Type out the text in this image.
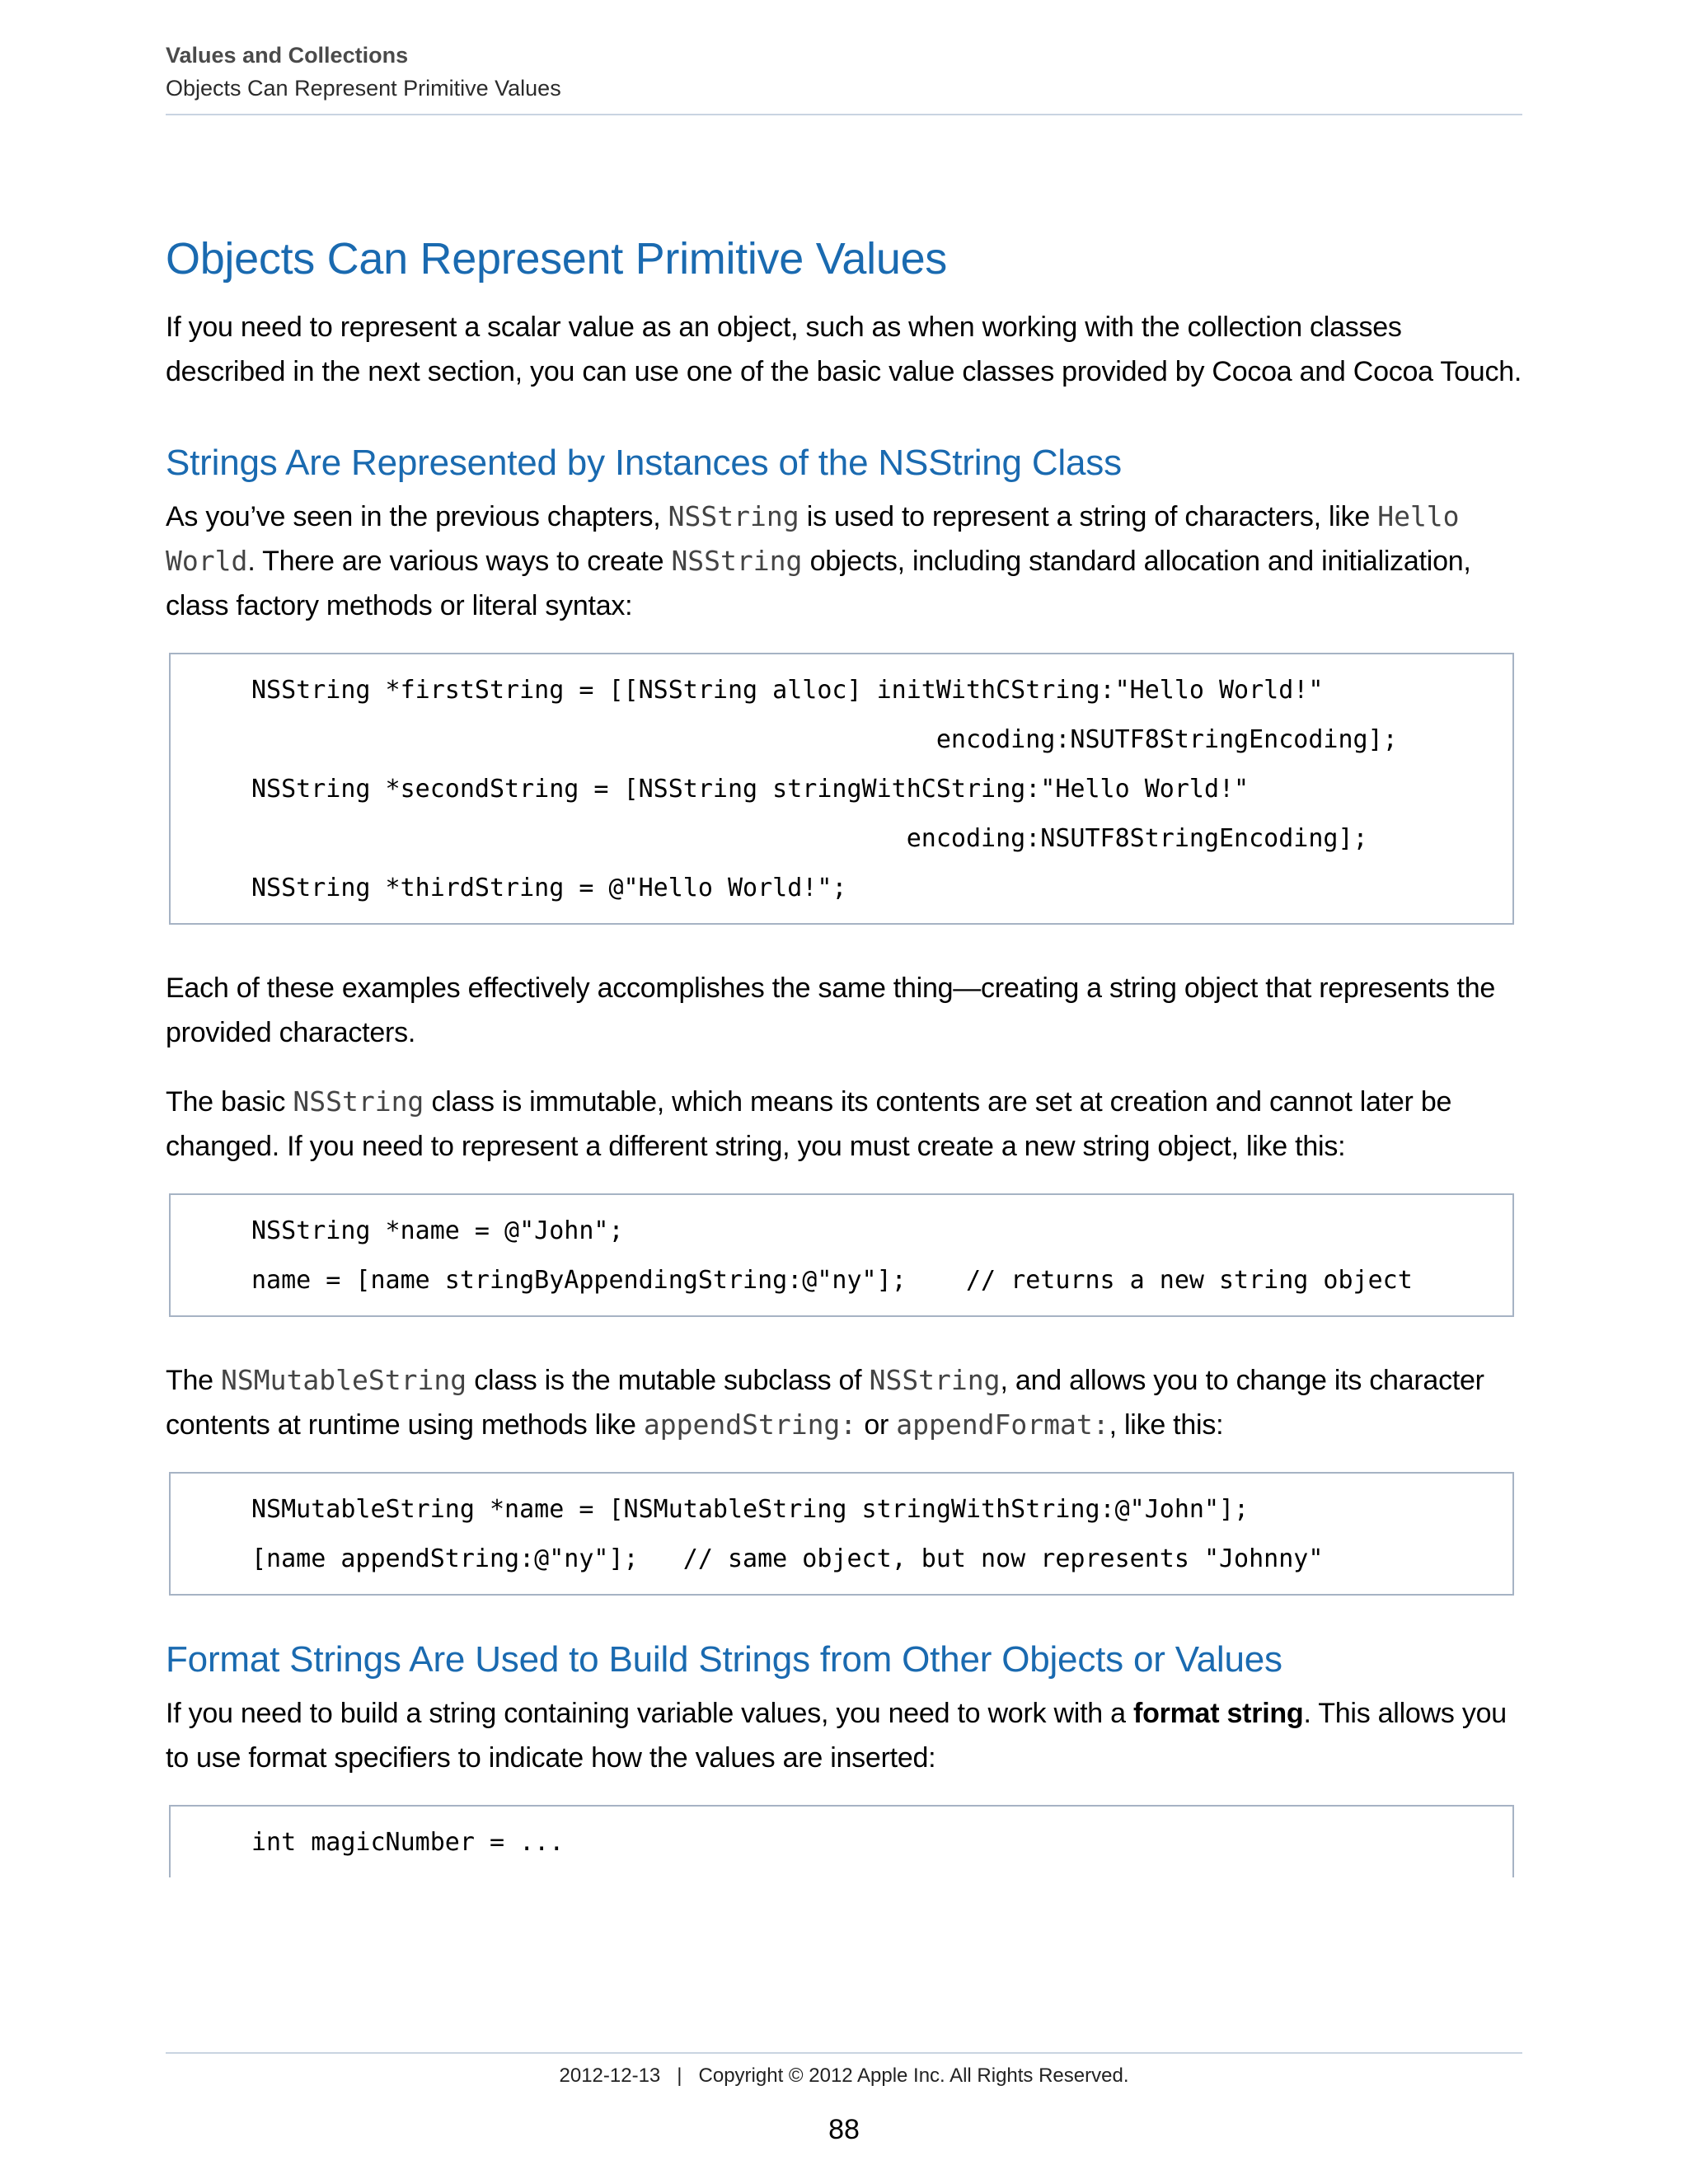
Values and Collections
Objects Can Represent Primitive Values
Objects Can Represent Primitive Values

If you need to represent a scalar value as an object, such as when working with the collection classes described in the next section, you can use one of the basic value classes provided by Cocoa and Cocoa Touch.

Strings Are Represented by Instances of the NSString Class

As you’ve seen in the previous chapters, NSString is used to represent a string of characters, like Hello World. There are various ways to create NSString objects, including standard allocation and initialization, class factory methods or literal syntax:

NSString *firstString = [[NSString alloc] initWithCString:"Hello World!"
encoding:NSUTF8StringEncoding];
NSString *secondString = [NSString stringWithCString:"Hello World!"
encoding:NSUTF8StringEncoding];
NSString *thirdString = @"Hello World!";

Each of these examples effectively accomplishes the same thing—creating a string object that represents the provided characters.

The basic NSString class is immutable, which means its contents are set at creation and cannot later be changed. If you need to represent a different string, you must create a new string object, like this:

NSString *name = @"John";
name = [name stringByAppendingString:@"ny"];    // returns a new string object

The NSMutableString class is the mutable subclass of NSString, and allows you to change its character contents at runtime using methods like appendString: or appendFormat:, like this:

NSMutableString *name = [NSMutableString stringWithString:@"John"];
[name appendString:@"ny"];   // same object, but now represents "Johnny"
Format Strings Are Used to Build Strings from Other Objects or Values

If you need to build a string containing variable values, you need to work with a format string. This allows you to use format specifiers to indicate how the values are inserted:

int magicNumber = ...
2012-12-13 | Copyright © 2012 Apple Inc. All Rights Reserved.
88
